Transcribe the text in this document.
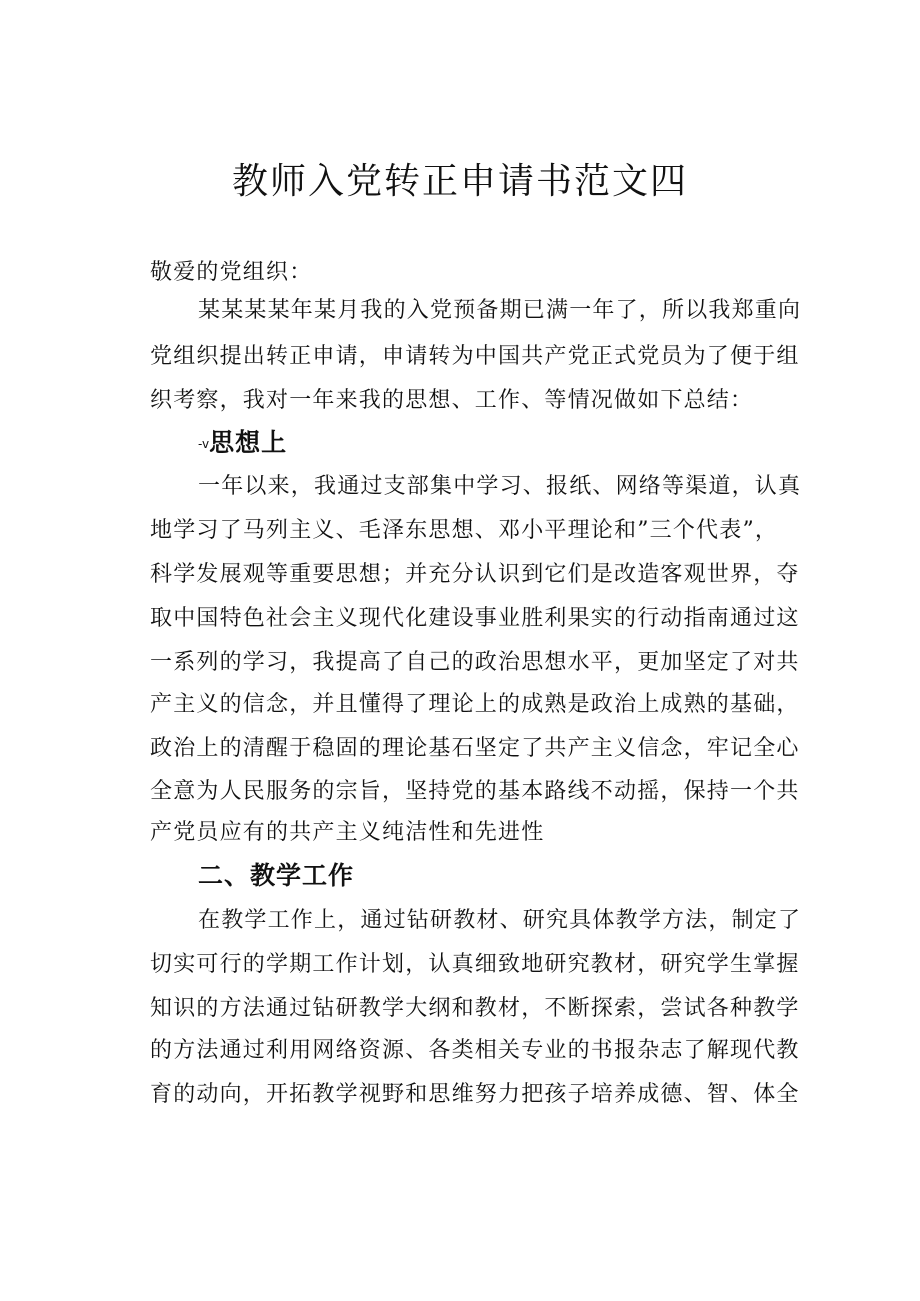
教师入党转正申请书范文四
敬爱的党组织：
某某某某年某月我的入党预备期已满一年了，所以我郑重向
党组织提出转正申请，申请转为中国共产党正式党员为了便于组
织考察，我对一年来我的思想、工作、等情况做如下总结：
-v思想上
一年以来，我通过支部集中学习、报纸、网络等渠道，认真
地学习了马列主义、毛泽东思想、邓小平理论和”三个代表”，
科学发展观等重要思想；并充分认识到它们是改造客观世界，夺
取中国特色社会主义现代化建设事业胜利果实的行动指南通过这
一系列的学习，我提高了自己的政治思想水平，更加坚定了对共
产主义的信念，并且懂得了理论上的成熟是政治上成熟的基础，
政治上的清醒于稳固的理论基石坚定了共产主义信念，牢记全心
全意为人民服务的宗旨，坚持党的基本路线不动摇，保持一个共
产党员应有的共产主义纯洁性和先进性
二、教学工作
在教学工作上，通过钻研教材、研究具体教学方法，制定了
切实可行的学期工作计划，认真细致地研究教材，研究学生掌握
知识的方法通过钻研教学大纲和教材，不断探索，尝试各种教学
的方法通过利用网络资源、各类相关专业的书报杂志了解现代教
育的动向，开拓教学视野和思维努力把孩子培养成德、智、体全
